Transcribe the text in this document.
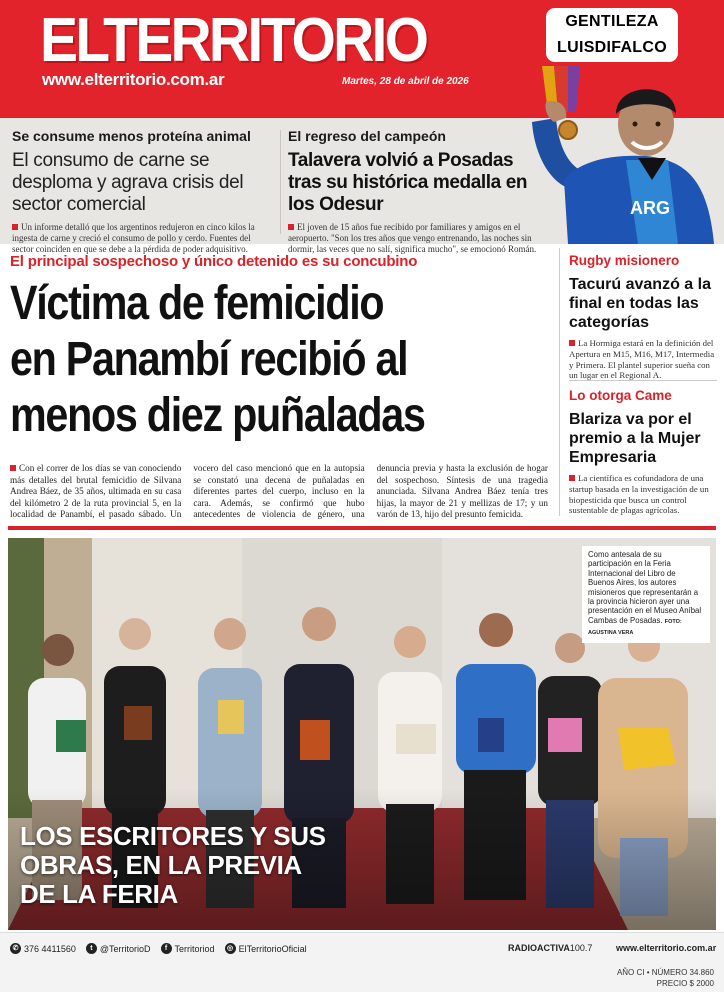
ELTERRITORIO
www.elterritorio.com.ar	Martes, 28 de abril de 2026
Se consume menos proteína animal
El consumo de carne se desploma y agrava crisis del sector comercial
Un informe detalló que los argentinos redujeron en cinco kilos la ingesta de carne y creció el consumo de pollo y cerdo. Fuentes del sector coinciden en que se debe a la pérdida de poder adquisitivo.
El regreso del campeón
Talavera volvió a Posadas tras su histórica medalla en los Odesur
El joven de 15 años fue recibido por familiares y amigos en el aeropuerto. "Son los tres años que vengo entrenando, las noches sin dormir, las veces que no salí, significa mucho", se emocionó Román.
ARG
GENTILEZA
LUISDIFALCO
El principal sospechoso y único detenido es su concubino
Víctima de femicidio
en Panambí recibió al
menos diez puñaladas
Con el correr de los días se van conociendo más detalles del brutal femicidio de Silvana Andrea Báez, de 35 años, ultimada en su casa del kilómetro 2 de la ruta provincial 5, en la localidad de Panambí, el pasado sábado. Un vocero del caso mencionó que en la autopsia se constató una decena de puñaladas en diferentes partes del cuerpo, incluso en la cara. Además, se confirmó que hubo antecedentes de violencia de género, una denuncia previa y hasta la exclusión de hogar del sospechoso. Síntesis de una tragedia anunciada. Silvana Andrea Báez tenía tres hijas, la mayor de 21 y mellizas de 17; y un varón de 13, hijo del presunto femicida.
Rugby misionero
Tacurú avanzó a la final en todas las categorías
La Hormiga estará en la definición del Apertura en M15, M16, M17, Intermedia y Primera. El plantel superior sueña con un lugar en el Regional A.
Lo otorga Came
Blariza va por el premio a la Mujer Empresaria
La científica es cofundadora de una startup basada en la investigación de un biopesticida que busca un control sustentable de plagas agrícolas.
Como antesala de su participación en la Feria Internacional del Libro de Buenos Aires, los autores misioneros que representarán a la provincia hicieron ayer una presentación en el Museo Aníbal Cambas de Posadas. FOTO: AGUSTINA VERA
LOS ESCRITORES Y SUS OBRAS, EN LA PREVIA DE LA FERIA
✆ 376 4411560	t @TerritorioD	f Territoriod	◎ ElTerritorioOficial	RADIOACTIVA100.7	www.elterritorio.com.ar
AÑO CI • NÚMERO 34.860
PRECIO $ 2000
